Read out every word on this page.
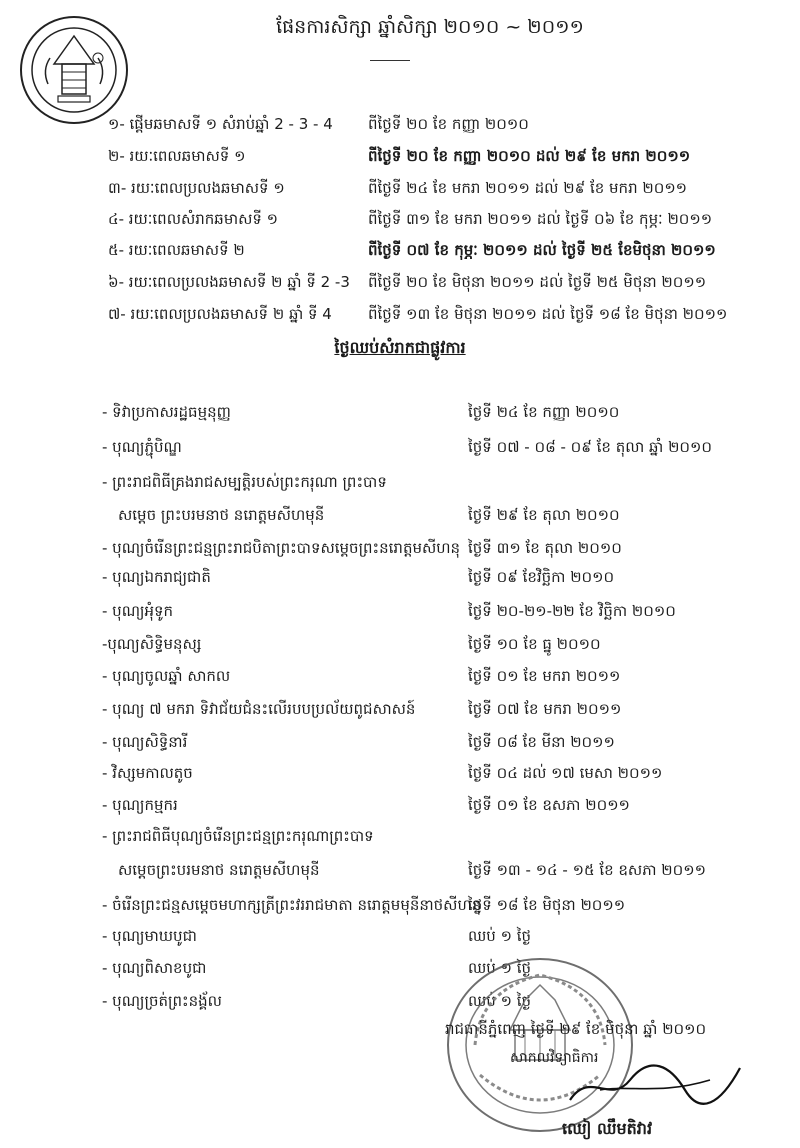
ផែនការសិក្សា ឆ្នាំសិក្សា ២០១០ ~ ២០១១
១- ផ្ដើមឆមាសទី ១ សំរាប់ឆ្នាំ 2 - 3 - 4 ពីថ្ងៃទី ២០ ខែ កញ្ញា ២០១០
២- រយៈពេលឆមាសទី ១	ពីថ្ងៃទី ២០ ខែ កញ្ញា ២០១០ ដល់ ២៩ ខែ មករា ២០១១
៣- រយៈពេលប្រលងឆមាសទី ១	ពីថ្ងៃទី ២៤ ខែ មករា ២០១១ ដល់ ២៩ ខែ មករា ២០១១
៤- រយៈពេលសំរាកឆមាសទី ១	ពីថ្ងៃទី ៣១ ខែ មករា ២០១១ ដល់ ថ្ងៃទី ០៦ ខែ កុម្ភៈ ២០១១
៥- រយៈពេលឆមាសទី ២	ពីថ្ងៃទី ០៧ ខែ កុម្ភៈ ២០១១ ដល់ ថ្ងៃទី ២៥ ខែមិថុនា ២០១១
៦- រយៈពេលប្រលងឆមាសទី ២ ឆ្នាំ ទី 2 -3 ពីថ្ងៃទី ២០ ខែ មិថុនា ២០១១ ដល់ ថ្ងៃទី ២៥ មិថុនា ២០១១
៧- រយៈពេលប្រលងឆមាសទី ២ ឆ្នាំ ទី 4 ពីថ្ងៃទី ១៣ ខែ មិថុនា ២០១១ ដល់ ថ្ងៃទី ១៨ ខែ មិថុនា ២០១១
ថ្ងៃឈប់សំរាកជាផ្លូវការ
- ទិវាប្រកាសរដ្ឋធម្មនុញ្ញ	ថ្ងៃទី ២៤ ខែ កញ្ញា ២០១០
- បុណ្យភ្ជុំបិណ្ឌ	ថ្ងៃទី ០៧ - ០៨ - ០៩ ខែ តុលា ឆ្នាំ ២០១០
- ព្រះរាជពិធីគ្រងរាជសម្បត្តិរបស់ព្រះករុណា ព្រះបាទ
សម្តេច ព្រះបរមនាថ នរោត្តមសីហមុនី	ថ្ងៃទី ២៩ ខែ តុលា ២០១០
- បុណ្យចំរើនព្រះជន្មព្រះរាជបិតាព្រះបាទសម្តេចព្រះនរោត្តមសីហនុ ថ្ងៃទី ៣១ ខែ តុលា ២០១០
- បុណ្យឯករាជ្យជាតិ	ថ្ងៃទី ០៩ ខែវិច្ឆិកា ២០១០
- បុណ្យអុំទូក	ថ្ងៃទី ២០-២១-២២ ខែ វិច្ឆិកា ២០១០
-បុណ្យសិទ្ធិមនុស្ស	ថ្ងៃទី ១០ ខែ ធ្នូ ២០១០
- បុណ្យចូលឆ្នាំ សាកល	ថ្ងៃទី ០១ ខែ មករា ២០១១
- បុណ្យ ៧ មករា ទិវាជ័យជំនះលើរបបប្រល័យពូជសាសន៍	ថ្ងៃទី ០៧ ខែ មករា ២០១១
- បុណ្យសិទ្ធិនារី	ថ្ងៃទី ០៨ ខែ មីនា ២០១១
- វិស្សមកាលតូច	ថ្ងៃទី ០៤ ដល់ ១៧ មេសា ២០១១
- បុណ្យកម្មករ	ថ្ងៃទី ០១ ខែ ឧសភា ២០១១
- ព្រះរាជពិធីបុណ្យចំរើនព្រះជន្មព្រះករុណាព្រះបាទ
សម្តេចព្រះបរមនាថ នរោត្តមសីហមុនី	ថ្ងៃទី ១៣ - ១៤ - ១៥ ខែ ឧសភា ២០១១
- ចំរើនព្រះជន្មសម្តេចមហាក្សត្រីព្រះវររាជមាតា នរោត្តមមុនីនាថសីហនុ
ថ្ងៃទី ១៨ ខែ មិថុនា ២០១១
- បុណ្យមាឃបូជា	ឈប់ ១ ថ្ងៃ
- បុណ្យពិសាខបូជា	ឈប់ ១ ថ្ងៃ
- បុណ្យច្រត់ព្រះនង្គ័ល	ឈប់ ១ ថ្ងៃ
រាជធានីភ្នំពេញ ថ្ងៃទី ២៩ ខែ មិថុនា ឆ្នាំ ២០១០
សាកលវិទ្យាធិការ
ឈៀ ឈឹមតិវាវ
